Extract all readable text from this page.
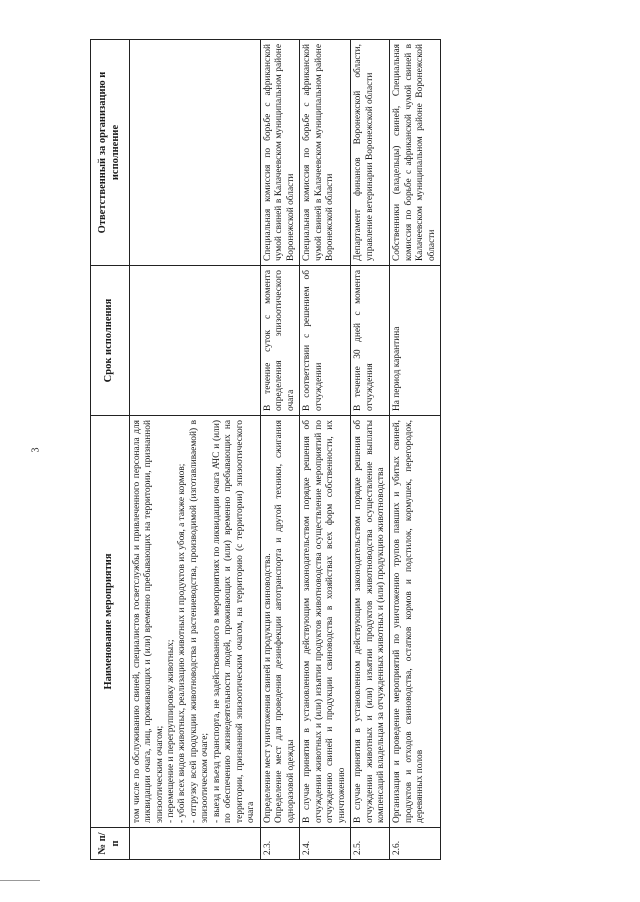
3
№ п/п	Наименование мероприятия	Срок исполнения	Ответственный за организацию и исполнение

	том числе по обслуживанию свиней, специалистов госветслужбы и привлеченного персонала для ликвидации очага, лиц, проживающих и (или) временно пребывающих на территории, признанной эпизоотическим очагом; - перемещение и перегруппировку животных; - убой всех видов животных, реализацию животных и продуктов их убоя, а также кормов; - отгрузку всей продукции животноводства и растениеводства, производимой (изготавливаемой) в эпизоотическом очаге; - выезд и въезд транспорта, не задействованного в мероприятиях по ликвидации очага АЧС и (или) по обеспечению жизнедеятельности людей, проживающих и (или) временно пребывающих на территории, признанной эпизоотическим очагом, на территорию (с территории) эпизоотического очага		

2.3.	Определение мест уничтожения свиней и продукции свиноводства. Определение мест для проведения дезинфекции автотранспорта и другой техники, сжигания одноразовой одежды	В течение суток с момента определения эпизоотического очага	Специальная комиссия по борьбе с африканской чумой свиней в Калачеевском муниципальном районе Воронежской области
2.4.	В случае принятия в установленном действующим законодательством порядке решения об отчуждении животных и (или) изъятии продуктов животноводства осуществление мероприятий по отчуждению свиней и продукции свиноводства в хозяйствах всех форм собственности, их уничтожению	В соответствии с решением об отчуждении	Специальная комиссия по борьбе с африканской чумой свиней в Калачеевском муниципальном районе Воронежской области
2.5.	В случае принятия в установленном действующим законодательством порядке решения об отчуждении животных и (или) изъятии продуктов животноводства осуществление выплаты компенсаций владельцам за отчужденных животных и (или) продукцию животноводства	В течение 30 дней с момента отчуждения	Департамент финансов Воронежской области, управление ветеринарии Воронежской области
2.6.	Организация и проведение мероприятий по уничтожению трупов павших и убитых свиней, продуктов и отходов свиноводства, остатков кормов и подстилок, кормушек, перегородок, деревянных полов	На период карантина	Собственники (владельцы) свиней, Специальная комиссия по борьбе с африканской чумой свиней в Калачеевском муниципальном районе Воронежской области
